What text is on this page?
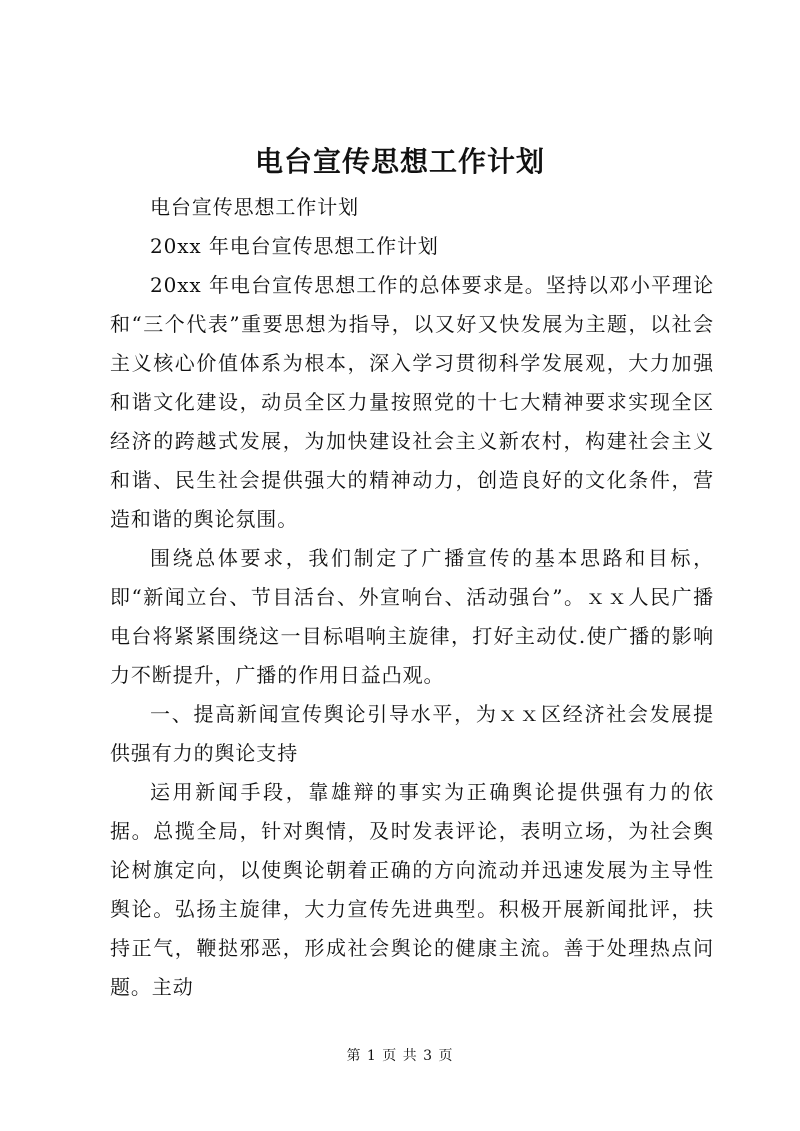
电台宣传思想工作计划

电台宣传思想工作计划

20xx 年电台宣传思想工作计划

20xx 年电台宣传思想工作的总体要求是。坚持以邓小平理论和“三个代表”重要思想为指导，以又好又快发展为主题，以社会主义核心价值体系为根本，深入学习贯彻科学发展观，大力加强和谐文化建设，动员全区力量按照党的十七大精神要求实现全区经济的跨越式发展，为加快建设社会主义新农村，构建社会主义和谐、民生社会提供强大的精神动力，创造良好的文化条件，营造和谐的舆论氛围。

围绕总体要求，我们制定了广播宣传的基本思路和目标，即“新闻立台、节目活台、外宣响台、活动强台”。ｘｘ人民广播电台将紧紧围绕这一目标唱响主旋律，打好主动仗.使广播的影响力不断提升，广播的作用日益凸观。

一、提高新闻宣传舆论引导水平，为ｘｘ区经济社会发展提供强有力的舆论支持

运用新闻手段，靠雄辩的事实为正确舆论提供强有力的依据。总揽全局，针对舆情，及时发表评论，表明立场，为社会舆论树旗定向，以使舆论朝着正确的方向流动并迅速发展为主导性舆论。弘扬主旋律，大力宣传先进典型。积极开展新闻批评，扶持正气，鞭挞邪恶，形成社会舆论的健康主流。善于处理热点问题。主动

第 1 页 共 3 页
